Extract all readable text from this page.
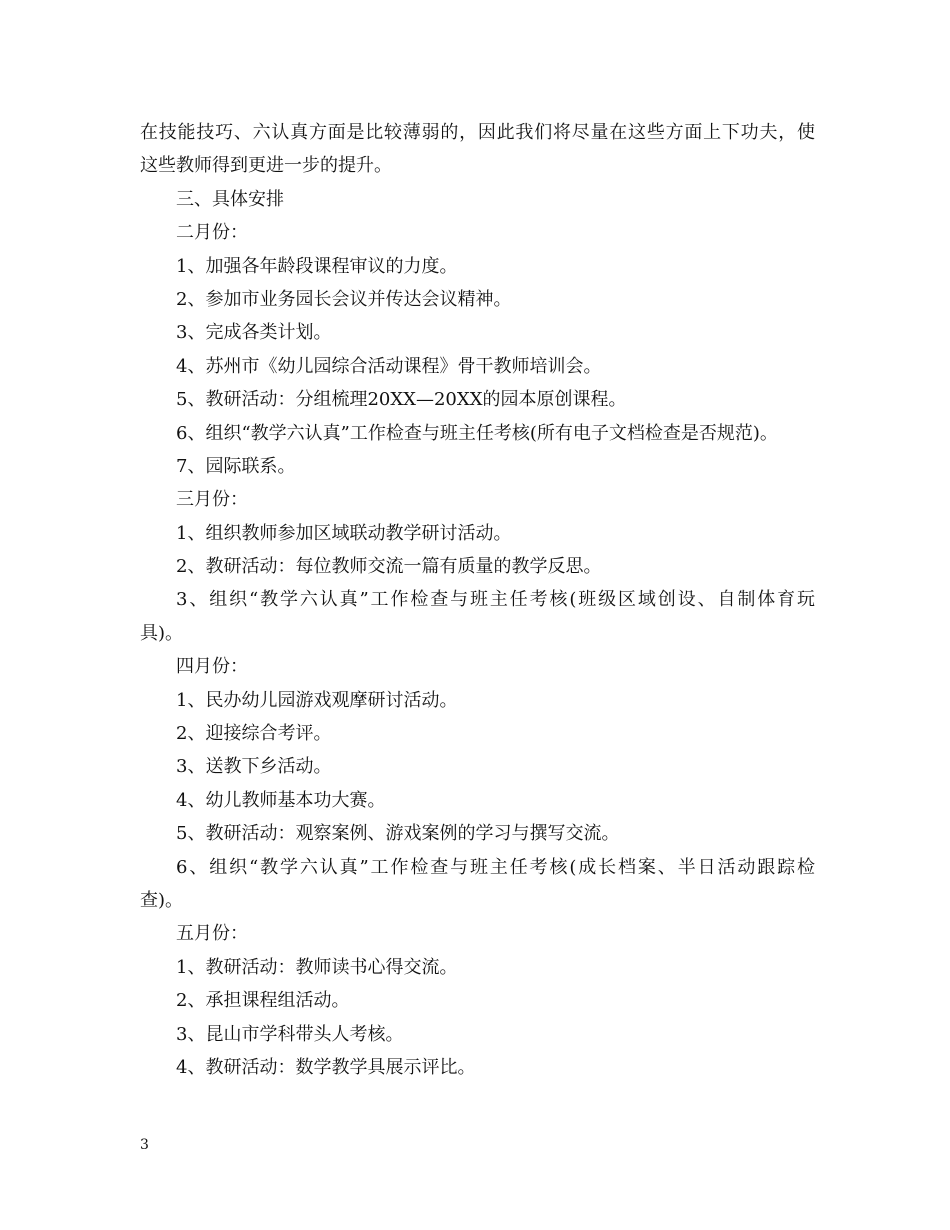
在技能技巧、六认真方面是比较薄弱的，因此我们将尽量在这些方面上下功夫，使
这些教师得到更进一步的提升。
三、具体安排
二月份：
1、加强各年龄段课程审议的力度。
2、参加市业务园长会议并传达会议精神。
3、完成各类计划。
4、苏州市《幼儿园综合活动课程》骨干教师培训会。
5、教研活动：分组梳理20XX—20XX的园本原创课程。
6、组织“教学六认真”工作检查与班主任考核(所有电子文档检查是否规范)。
7、园际联系。
三月份：
1、组织教师参加区域联动教学研讨活动。
2、教研活动：每位教师交流一篇有质量的教学反思。
3、组织“教学六认真”工作检查与班主任考核(班级区域创设、自制体育玩
具)。
四月份：
1、民办幼儿园游戏观摩研讨活动。
2、迎接综合考评。
3、送教下乡活动。
4、幼儿教师基本功大赛。
5、教研活动：观察案例、游戏案例的学习与撰写交流。
6、组织“教学六认真”工作检查与班主任考核(成长档案、半日活动跟踪检
查)。
五月份：
1、教研活动：教师读书心得交流。
2、承担课程组活动。
3、昆山市学科带头人考核。
4、教研活动：数学教学具展示评比。
3
